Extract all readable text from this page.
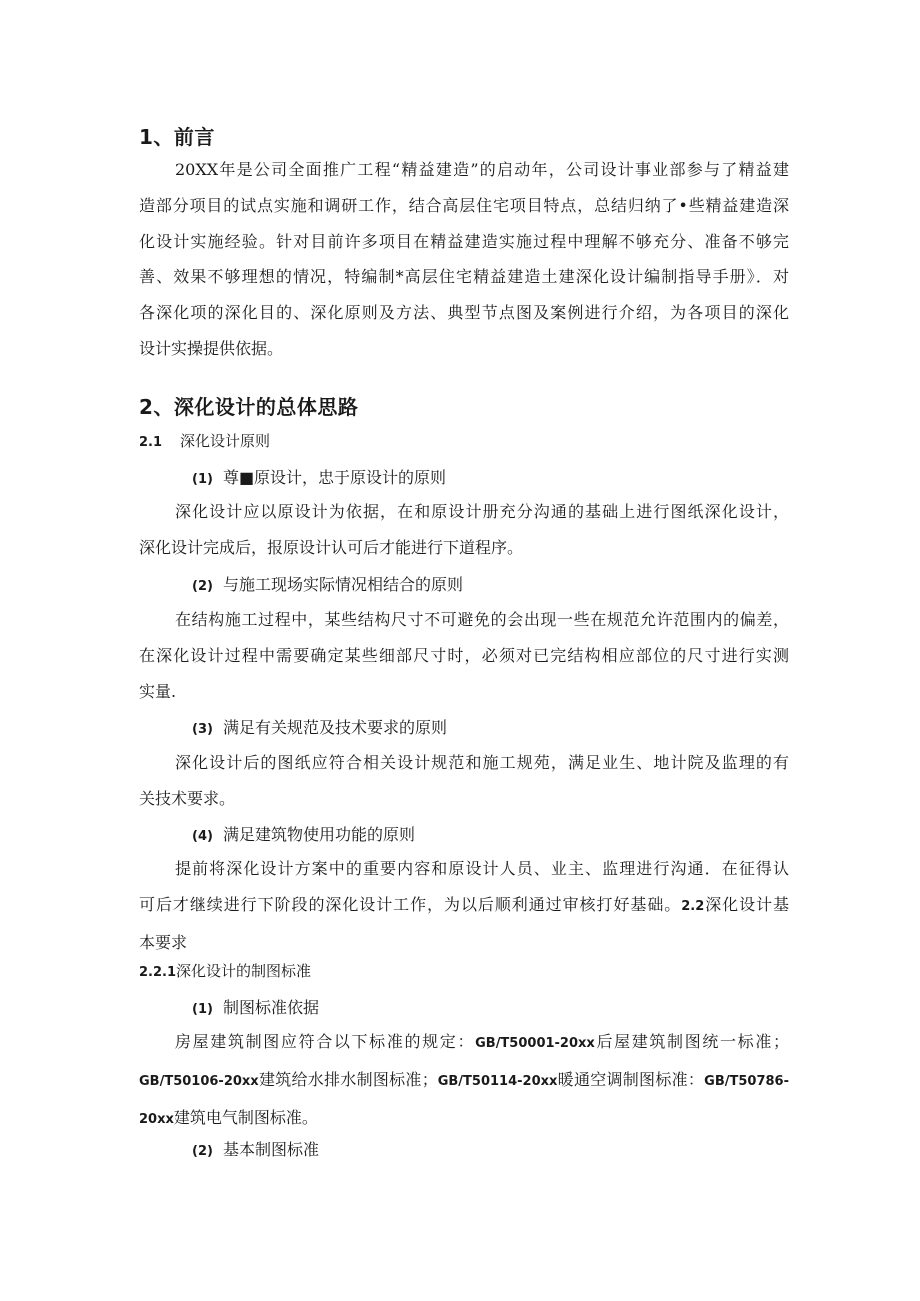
1、前言
20XX年是公司全面推广工程“精益建造”的启动年，公司设计事业部参与了精益建
造部分项目的试点实施和调研工作，结合高层住宅项目特点，总结归纳了•些精益建造深
化设计实施经验。针对目前许多项目在精益建造实施过程中理解不够充分、准备不够完
善、效果不够理想的情况，特编制*高层住宅精益建造土建深化设计编制指导手册》．对
各深化项的深化目的、深化原则及方法、典型节点图及案例进行介绍，为各项目的深化
设计实操提供依据。
2、深化设计的总体思路
2.1 深化设计原则
(1) 尊■原设计，忠于原设计的原则
深化设计应以原设计为依据，在和原设计册充分沟通的基础上进行图纸深化设计，
深化设计完成后，报原设计认可后才能进行下道程序。
(2) 与施工现场实际情况相结合的原则
在结构施工过程中，某些结构尺寸不可避免的会出现一些在规范允许范围内的偏差，
在深化设计过程中需要确定某些细部尺寸时，必须对已完结构相应部位的尺寸进行实测
实量.
(3) 满足有关规范及技术要求的原则
深化设计后的图纸应符合相关设计规范和施工规苑，满足业生、地计院及监理的有
关技术要求。
(4) 满足建筑物使用功能的原则
提前将深化设计方案中的重要内容和原设计人员、业主、监理进行沟通．在征得认
可后才继续进行下阶段的深化设计工作，为以后顺利通过审核打好基础。2.2深化设计基
本要求
2.2.1深化设计的制图标准
(1) 制图标准依据
房屋建筑制图应符合以下标准的规定：GB/T50001-20xx后屋建筑制图统一标准；
GB/T50106-20xx建筑给水排水制图标准；GB/T50114-20xx暖通空调制图标准：GB/T50786-
20xx建筑电气制图标准。
(2) 基本制图标准
